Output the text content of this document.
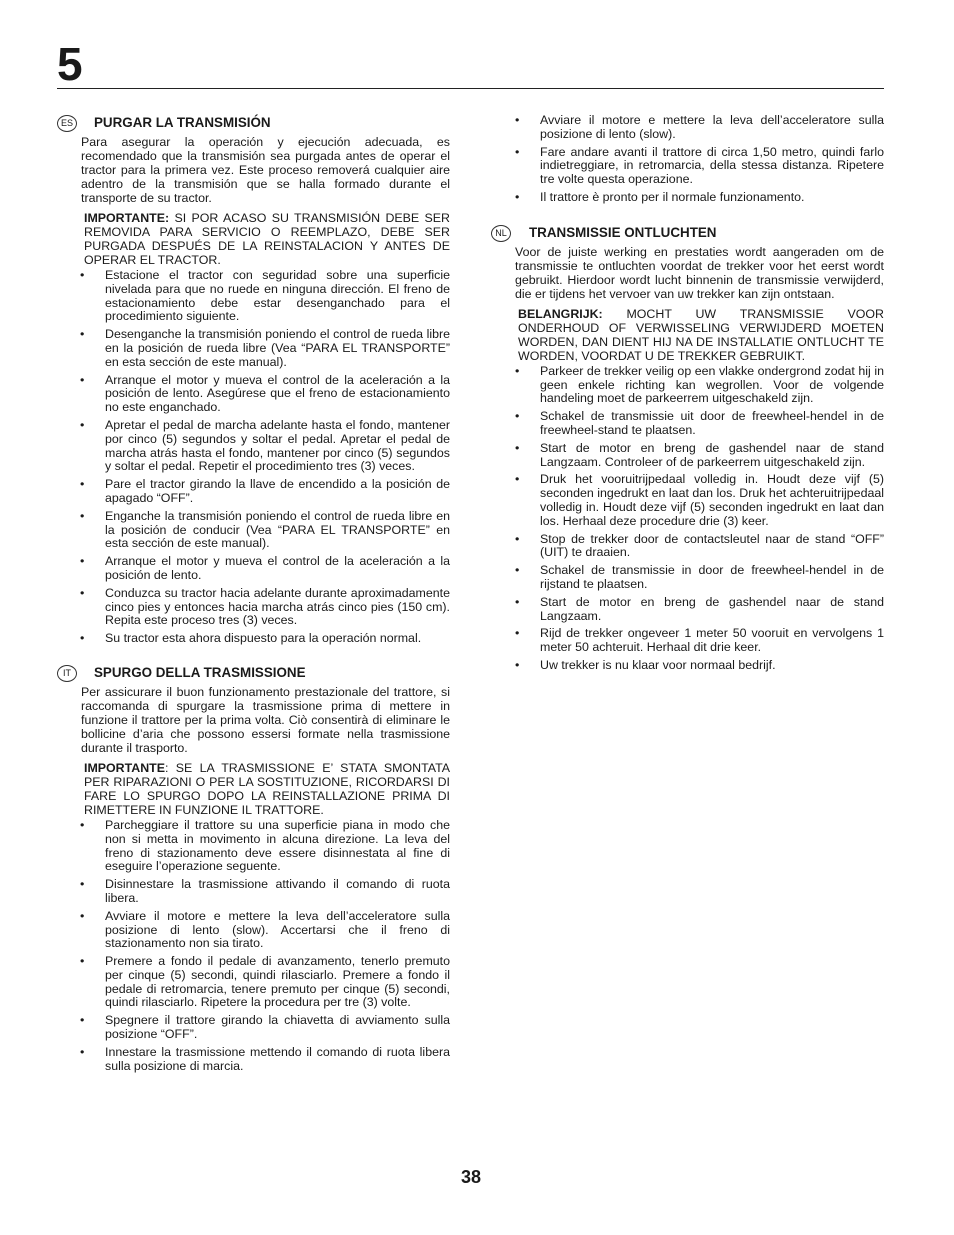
5
ES	PURGAR LA TRANSMISIÓN
Para asegurar la operación y ejecución adecuada, es recomendado que la transmisión sea purgada antes de operar el tractor para la primera vez. Este proceso removerá cualquier aire adentro de la transmisión que se halla formado durante el transporte de su tractor.
IMPORTANTE: SI POR ACASO SU TRANSMISIÓN DEBE SER REMOVIDA PARA SERVICIO O REEMPLAZO, DEBE SER PURGADA DESPUÉS DE LA REINSTALACION Y ANTES DE OPERAR EL TRACTOR.
• Estacione el tractor con seguridad sobre una superficie nivelada para que no ruede en ninguna dirección. El freno de estacionamiento debe estar desenganchado para el procedimiento siguiente.
• Desenganche la transmisión poniendo el control de rueda libre en la posición de rueda libre (Vea “PARA EL TRANSPORTE” en esta sección de este manual).
• Arranque el motor y mueva el control de la aceleración a la posición de lento. Asegúrese que el freno de estacionamiento no este enganchado.
• Apretar el pedal de marcha adelante hasta el fondo, mantener por cinco (5) segundos y soltar el pedal. Apretar el pedal de marcha atrás hasta el fondo, mantener por cinco (5) segundos y soltar el pedal. Repetir el procedimiento tres (3) veces.
• Pare el tractor girando la llave de encendido a la posición de apagado “OFF”.
• Enganche la transmisión poniendo el control de rueda libre en la posición de conducir (Vea “PARA EL TRANSPORTE” en esta sección de este manual).
• Arranque el motor y mueva el control de la aceleración a la posición de lento.
• Conduzca su tractor hacia adelante durante aproximadamente cinco pies y entonces hacia marcha atrás cinco pies (150 cm). Repita este proceso tres (3) veces.
• Su tractor esta ahora dispuesto para la operación normal.
IT	SPURGO DELLA TRASMISSIONE
Per assicurare il buon funzionamento prestazionale del trattore, si raccomanda di spurgare la trasmissione prima di mettere in funzione il trattore per la prima volta. Ciò consentirà di eliminare le bollicine d’aria che possono essersi formate nella trasmissione durante il trasporto.
IMPORTANTE: SE LA TRASMISSIONE E’ STATA SMONTATA PER RIPARAZIONI O PER LA SOSTITUZIONE, RICORDARSI DI FARE LO SPURGO DOPO LA REINSTALLAZIONE PRIMA DI RIMETTERE IN FUNZIONE IL TRATTORE.
• Parcheggiare il trattore su una superficie piana in modo che non si metta in movimento in alcuna direzione. La leva del freno di stazionamento deve essere disinnestata al fine di eseguire l’operazione seguente.
• Disinnestare la trasmissione attivando il comando di ruota libera.
• Avviare il motore e mettere la leva dell’acceleratore sulla posizione di lento (slow). Accertarsi che il freno di stazionamento non sia tirato.
• Premere a fondo il pedale di avanzamento, tenerlo premuto per cinque (5) secondi, quindi rilasciarlo. Premere a fondo il pedale di retromarcia, tenere premuto per cinque (5) secondi, quindi rilasciarlo. Ripetere la procedura per tre (3) volte.
• Spegnere il trattore girando la chiavetta di avviamento sulla posizione “OFF”.
• Innestare la trasmissione mettendo il comando di ruota libera sulla posizione di marcia.
• Avviare il motore e mettere la leva dell’acceleratore sulla posizione di lento (slow).
• Fare andare avanti il trattore di circa 1,50 metro, quindi farlo indietreggiare, in retromarcia, della stessa distanza. Ripetere tre volte questa operazione.
• Il trattore è pronto per il normale funzionamento.
NL	TRANSMISSIE ONTLUCHTEN
Voor de juiste werking en prestaties wordt aangeraden om de transmissie te ontluchten voordat de trekker voor het eerst wordt gebruikt. Hierdoor wordt lucht binnenin de transmissie verwijderd, die er tijdens het vervoer van uw trekker kan zijn ontstaan.
BELANGRIJK: MOCHT UW TRANSMISSIE VOOR ONDERHOUD OF VERWISSELING VERWIJDERD MOETEN WORDEN, DAN DIENT HIJ NA DE INSTALLATIE ONTLUCHT TE WORDEN, VOORDAT U DE TREKKER GEBRUIKT.
• Parkeer de trekker veilig op een vlakke ondergrond zodat hij in geen enkele richting kan wegrollen. Voor de volgende handeling moet de parkeerrem uitgeschakeld zijn.
• Schakel de transmissie uit door de freewheel-hendel in de freewheel-stand te plaatsen.
• Start de motor en breng de gashendel naar de stand Langzaam. Controleer of de parkeerrem uitgeschakeld zijn.
• Druk het vooruitrijpedaal volledig in. Houdt deze vijf (5) seconden ingedrukt en laat dan los. Druk het achteruitrijpedaal volledig in. Houdt deze vijf (5) seconden ingedrukt en laat dan los. Herhaal deze procedure drie (3) keer.
• Stop de trekker door de contactsleutel naar de stand “OFF” (UIT) te draaien.
• Schakel de transmissie in door de freewheel-hendel in de rijstand te plaatsen.
• Start de motor en breng de gashendel naar de stand Langzaam.
• Rijd de trekker ongeveer 1 meter 50 vooruit en vervolgens 1 meter 50 achteruit. Herhaal dit drie keer.
• Uw trekker is nu klaar voor normaal bedrijf.
38
